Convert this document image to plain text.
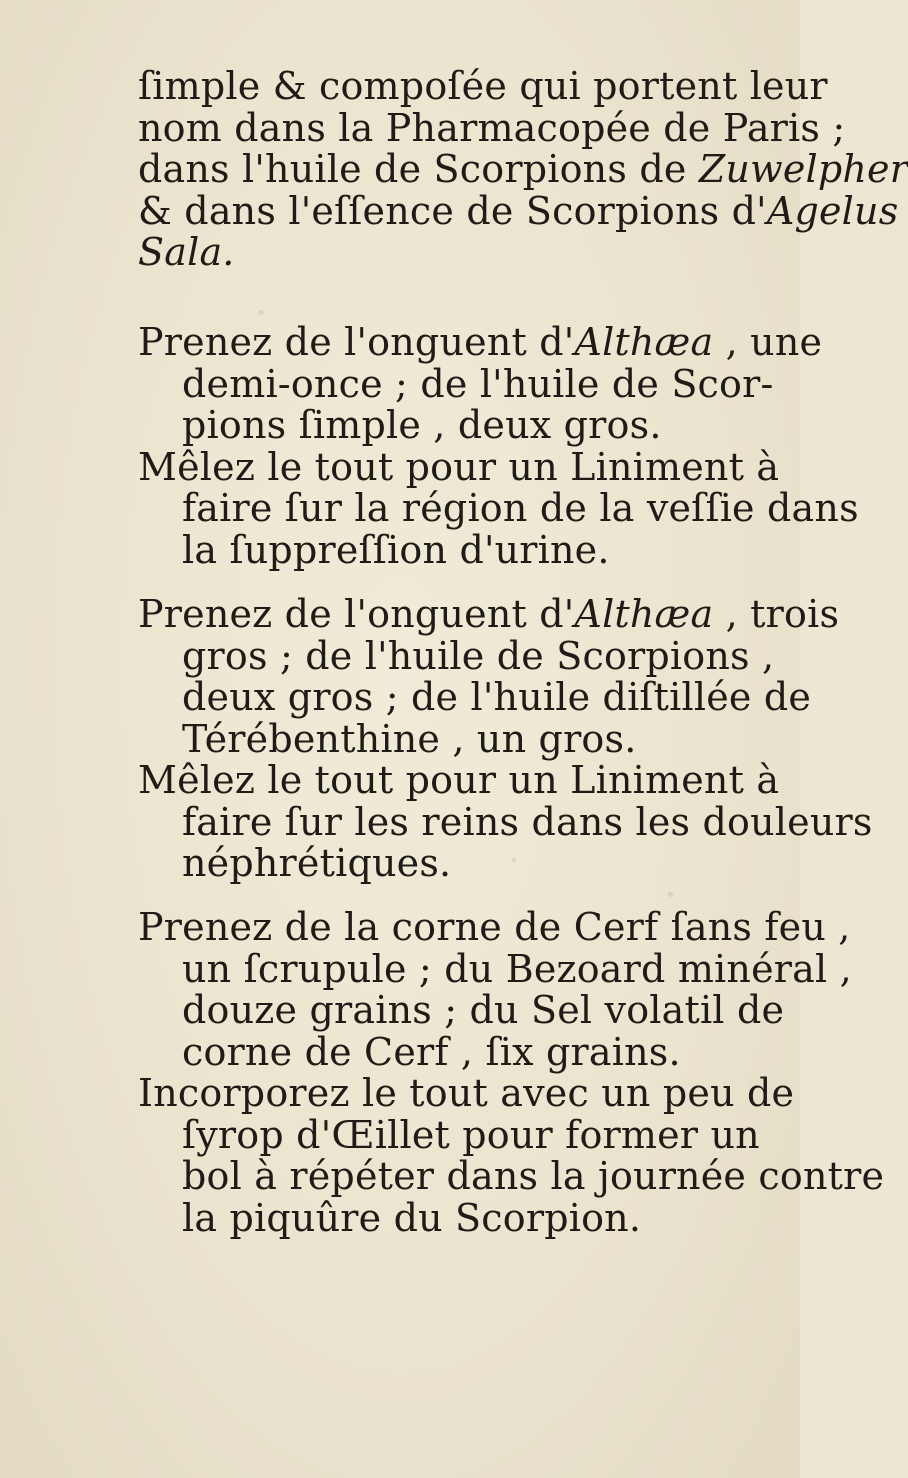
ſimple & compoſée qui portent leur
nom dans la Pharmacopée de Paris ;
dans l'huile de Scorpions de Zuwelpher
& dans l'eſſence de Scorpions d'Agelus
Sala.
Prenez de l'onguent d'Althæa , une
demi-once ; de l'huile de Scor-
pions ſimple , deux gros.
Mêlez le tout pour un Liniment à
faire ſur la région de la veſſie dans
la ſuppreſſion d'urine.
Prenez de l'onguent d'Althæa , trois
gros ; de l'huile de Scorpions ,
deux gros ; de l'huile diſtillée de
Térébenthine , un gros.
Mêlez le tout pour un Liniment à
faire ſur les reins dans les douleurs
néphrétiques.
Prenez de la corne de Cerf ſans feu ,
un ſcrupule ; du Bezoard minéral ,
douze grains ; du Sel volatil de
corne de Cerf , ſix grains.
Incorporez le tout avec un peu de
ſyrop d'Œillet pour former un
bol à répéter dans la journée contre
la piquûre du Scorpion.
